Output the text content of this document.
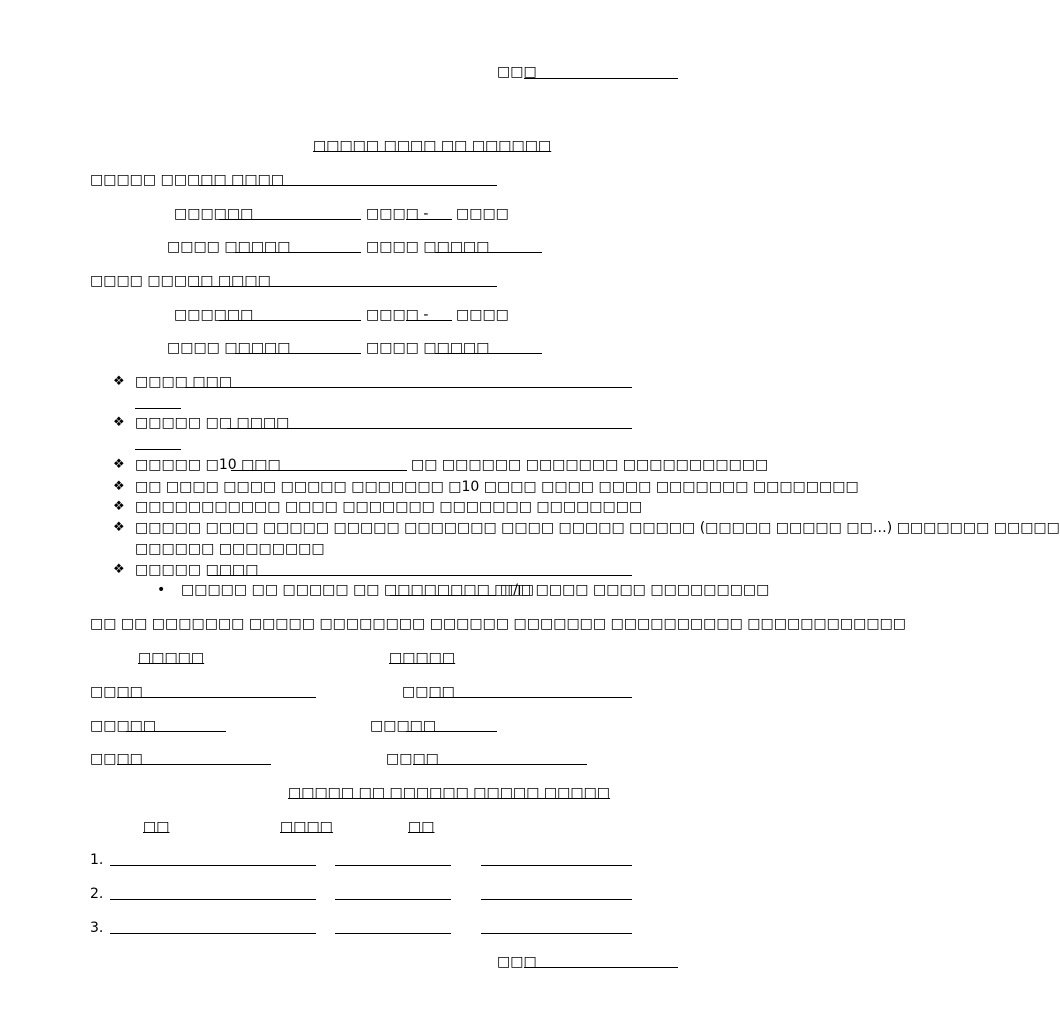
□□□
□□□□□ □□□□ □□ □□□□□□
□□□□□ □□□□□ □□□□
□□□□□□	□□□□ - □□□□
□□□□ □□□□□	□□□□ □□□□□
□□□□ □□□□□ □□□□
□□□□□□	□□□□ - □□□□
□□□□ □□□□□	□□□□ □□□□□
❖ □□□□ □□□
❖ □□□□□ □□ □□□□
❖ □□□□□ □10 □□□	□□ □□□□□□ □□□□□□□ □□□□□□□□□□□
❖ □□ □□□□ □□□□ □□□□□ □□□□□□□ □10 □□□□ □□□□ □□□□ □□□□□□□ □□□□□□□□
❖ □□□□□□□□□□□ □□□□ □□□□□□□ □□□□□□□ □□□□□□□□
❖ □□□□□ □□□□ □□□□□ □□□□□ □□□□□□□ □□□□ □□□□□ □□□□□ (□□□□□ □□□□□ □□…) □□□□□□□ □□□□□
□□□□□□ □□□□□□□□
❖ □□□□□ □□□□
• □□□□□ □□ □□□□□ □□ □□□□□□□□ □□□
□/□ □□□□ □□□□ □□□□□□□□□
□□ □□ □□□□□□□ □□□□□ □□□□□□□□ □□□□□□ □□□□□□□ □□□□□□□□□□ □□□□□□□□□□□□
□□□□□	□□□□□
□□□□	□□□□
□□□□□	□□□□□
□□□□	□□□□
□□□□□ □□ □□□□□□ □□□□□ □□□□□
□□	□□□□	□□
1.
2.
3.
□□□
